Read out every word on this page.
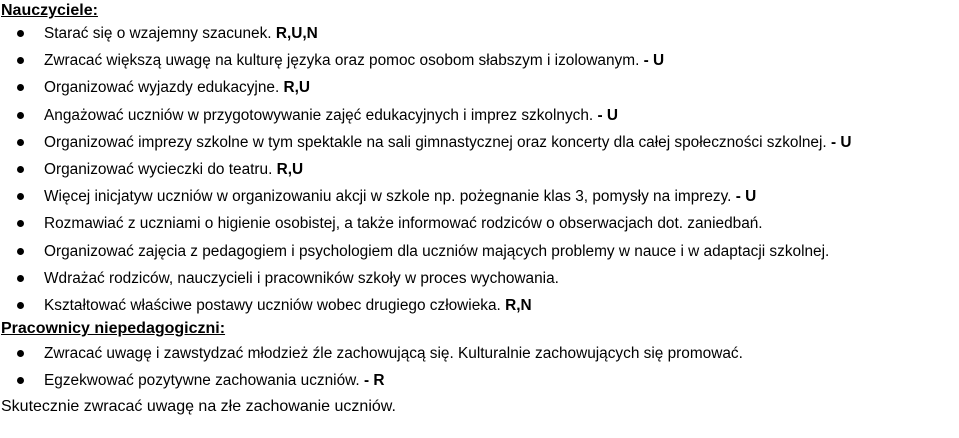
Nauczyciele:
Starać się o wzajemny szacunek. R,U,N
Zwracać większą uwagę na kulturę języka oraz pomoc osobom słabszym i izolowanym. - U
Organizować wyjazdy edukacyjne. R,U
Angażować uczniów w przygotowywanie zajęć edukacyjnych i imprez szkolnych. - U
Organizować imprezy szkolne w tym spektakle na sali gimnastycznej oraz koncerty dla całej społeczności szkolnej. - U
Organizować wycieczki do teatru. R,U
Więcej inicjatyw uczniów w organizowaniu akcji w szkole np. pożegnanie klas 3, pomysły na imprezy. - U
Rozmawiać z uczniami o higienie osobistej, a także informować rodziców o obserwacjach dot. zaniedbań.
Organizować zajęcia z pedagogiem i psychologiem dla uczniów mających problemy w nauce i w adaptacji szkolnej.
Wdrażać rodziców, nauczycieli i pracowników szkoły w proces wychowania.
Kształtować właściwe postawy uczniów wobec drugiego człowieka. R,N
Pracownicy niepedagogiczni:
Zwracać uwagę i zawstydzać młodzież źle zachowującą się. Kulturalnie zachowujących się promować.
Egzekwować pozytywne zachowania uczniów. - R
Skutecznie zwracać uwagę na złe zachowanie uczniów.
